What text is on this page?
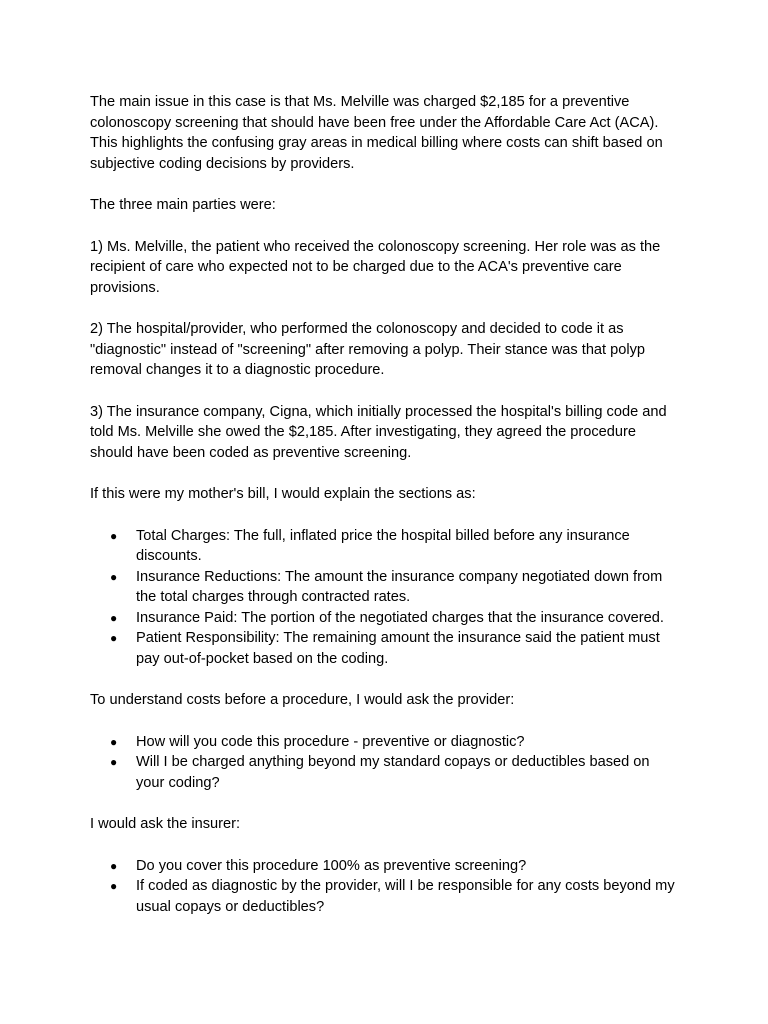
The main issue in this case is that Ms. Melville was charged $2,185 for a preventive colonoscopy screening that should have been free under the Affordable Care Act (ACA). This highlights the confusing gray areas in medical billing where costs can shift based on subjective coding decisions by providers.

The three main parties were:

1) Ms. Melville, the patient who received the colonoscopy screening. Her role was as the recipient of care who expected not to be charged due to the ACA's preventive care provisions.

2) The hospital/provider, who performed the colonoscopy and decided to code it as "diagnostic" instead of "screening" after removing a polyp. Their stance was that polyp removal changes it to a diagnostic procedure.

3) The insurance company, Cigna, which initially processed the hospital's billing code and told Ms. Melville she owed the $2,185. After investigating, they agreed the procedure should have been coded as preventive screening.

If this were my mother's bill, I would explain the sections as:

● Total Charges: The full, inflated price the hospital billed before any insurance discounts.
● Insurance Reductions: The amount the insurance company negotiated down from the total charges through contracted rates.
● Insurance Paid: The portion of the negotiated charges that the insurance covered.
● Patient Responsibility: The remaining amount the insurance said the patient must pay out-of-pocket based on the coding.

To understand costs before a procedure, I would ask the provider:

● How will you code this procedure - preventive or diagnostic?
● Will I be charged anything beyond my standard copays or deductibles based on your coding?

I would ask the insurer:

● Do you cover this procedure 100% as preventive screening?
● If coded as diagnostic by the provider, will I be responsible for any costs beyond my usual copays or deductibles?
